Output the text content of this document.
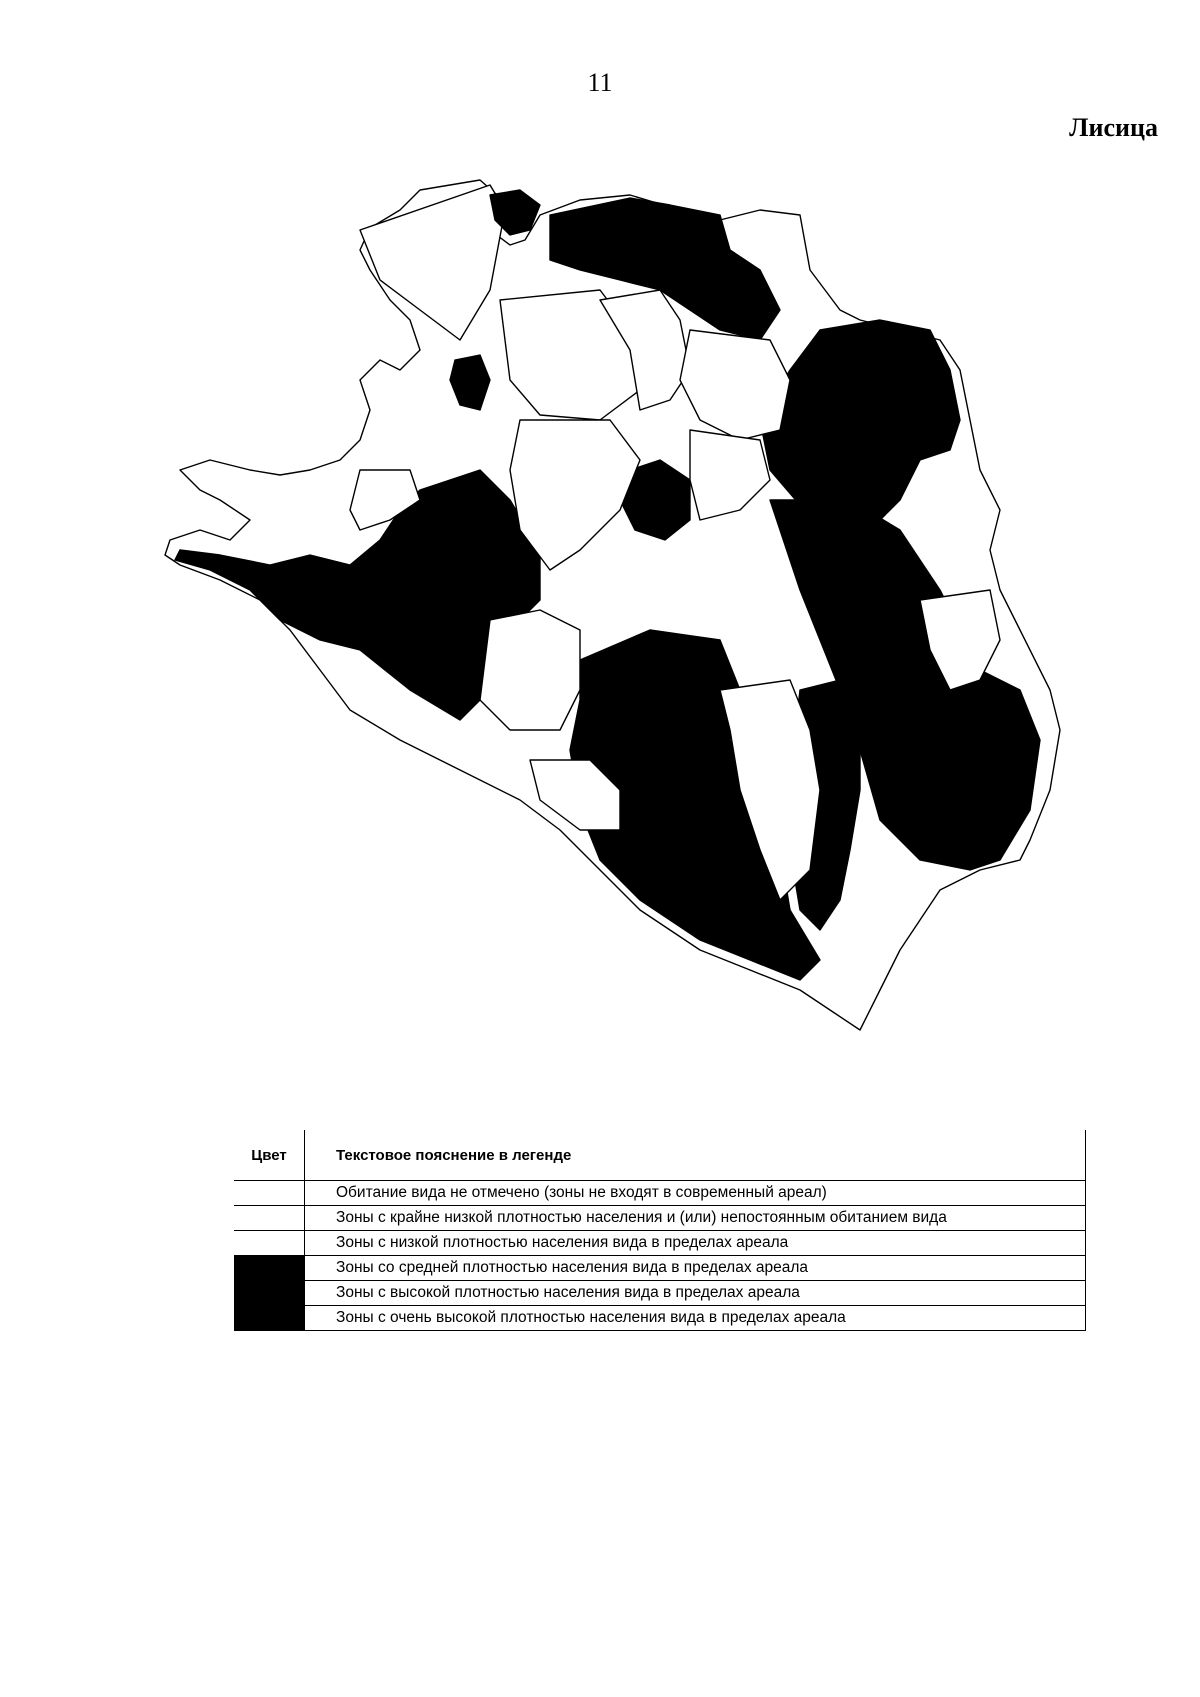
11
Лисица
Цвет	Текстовое пояснение в легенде

	Обитание вида не отмечено (зоны не входят в современный ареал)

	Зоны с крайне низкой плотностью населения и (или) непостоянным обитанием вида

	Зоны с низкой плотностью населения вида в пределах ареала
	Зоны со средней плотностью населения вида в пределах ареала
	Зоны с высокой плотностью населения вида в пределах ареала
	Зоны с очень высокой плотностью населения вида в пределах ареала
